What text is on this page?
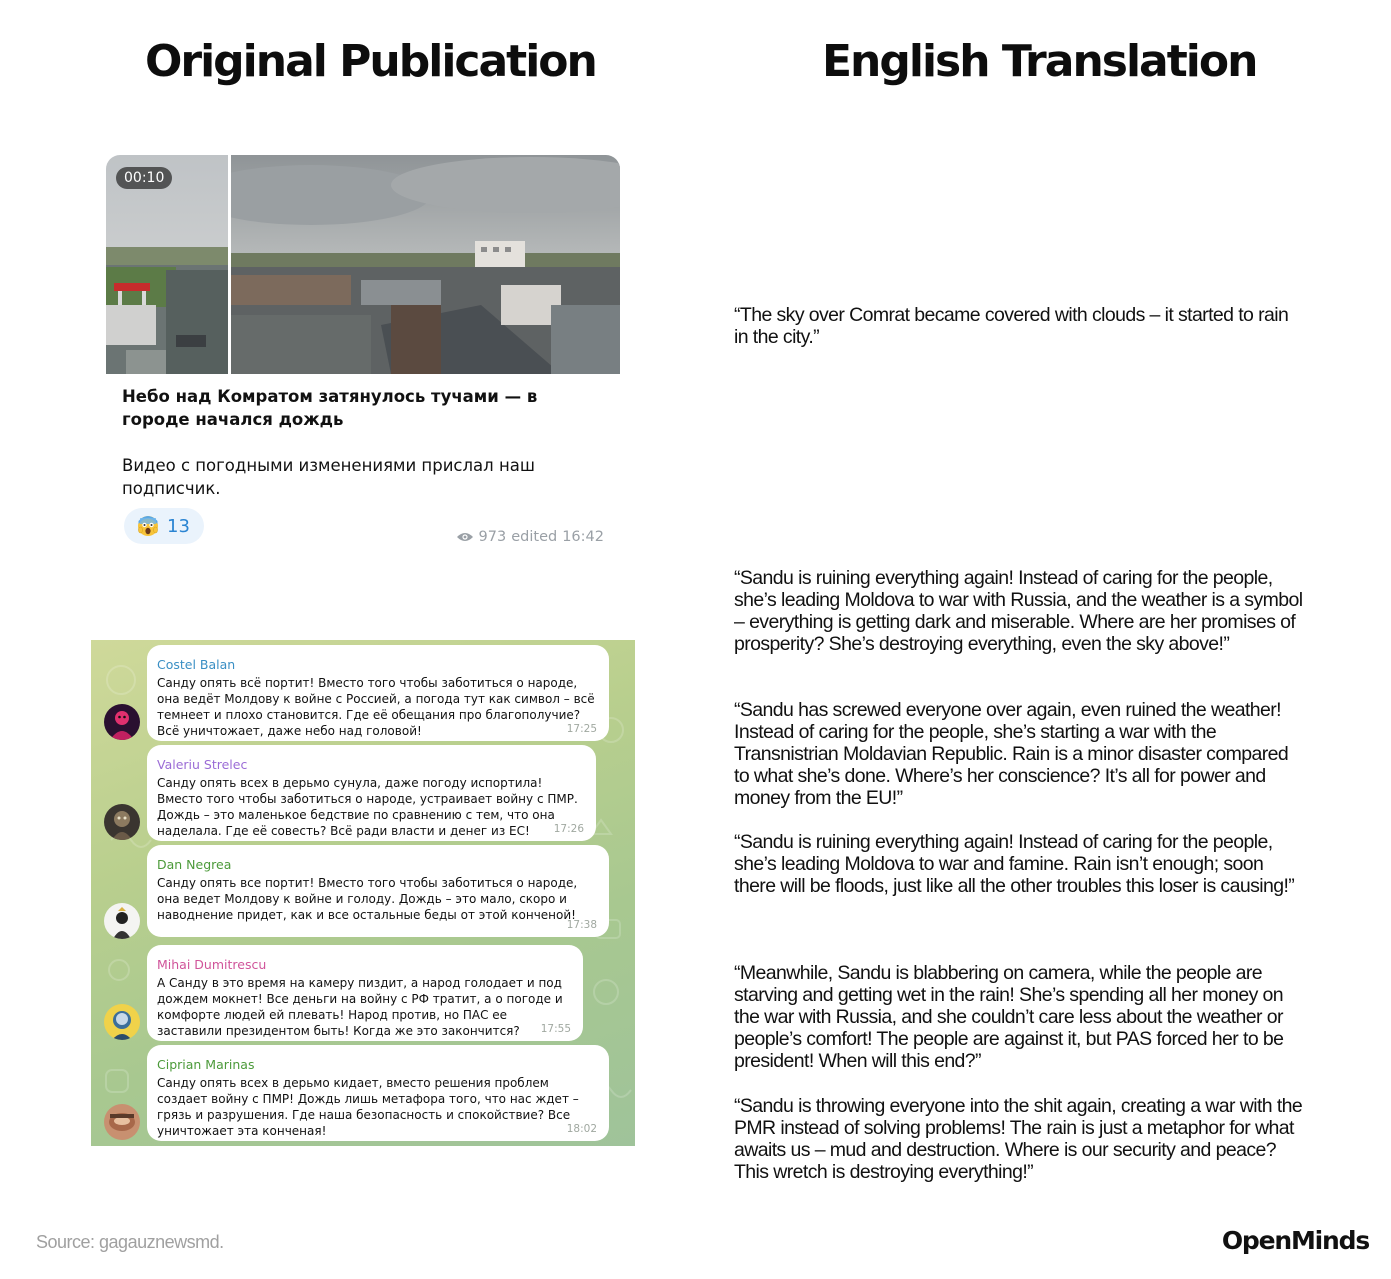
Original Publication	English Translation
00:10
Небо над Комратом затянулось тучами — в городе начался дождь
Видео с погодными изменениями прислал наш подписчик.
13
973 edited 16:42
Costel Balan
Санду опять всё портит! Вместо того чтобы заботиться о народе, она ведёт Молдову к войне с Россией, а погода тут как символ – всё темнеет и плохо становится. Где её обещания про благополучие? Всё уничтожает, даже небо над головой!	17:25
Valeriu Strelec
Санду опять всех в дерьмо сунула, даже погоду испортила! Вместо того чтобы заботиться о народе, устраивает войну с ПМР. Дождь – это маленькое бедствие по сравнению с тем, что она наделала. Где её совесть? Всё ради власти и денег из ЕС!	17:26
Dan Negrea
Санду опять все портит! Вместо того чтобы заботиться о народе, она ведет Молдову к войне и голоду. Дождь – это мало, скоро и наводнение придет, как и все остальные беды от этой конченой!
17:38
Mihai Dumitrescu
А Санду в это время на камеру пиздит, а народ голодает и под дождем мокнет! Все деньги на войну с РФ тратит, а о погоде и комфорте людей ей плевать! Народ против, но ПАС ее заставили президентом быть! Когда же это закончится?	17:55
Ciprian Marinas
Санду опять всех в дерьмо кидает, вместо решения проблем создает войну с ПМР! Дождь лишь метафора того, что нас ждет – грязь и разрушения. Где наша безопасность и спокойствие? Все уничтожает эта конченая!	18:02
“The sky over Comrat became covered with clouds – it started to rain in the city.”
“Sandu is ruining everything again! Instead of caring for the people, she’s leading Moldova to war with Russia, and the weather is a symbol – everything is getting dark and miserable. Where are her promises of prosperity? She’s destroying everything, even the sky above!”
“Sandu has screwed everyone over again, even ruined the weather! Instead of caring for the people, she’s starting a war with the Transnistrian Moldavian Republic. Rain is a minor disaster compared to what she’s done. Where’s her conscience? It’s all for power and money from the EU!”
“Sandu is ruining everything again! Instead of caring for the people, she’s leading Moldova to war and famine. Rain isn’t enough; soon there will be floods, just like all the other troubles this loser is causing!”
“Meanwhile, Sandu is blabbering on camera, while the people are starving and getting wet in the rain! She’s spending all her money on the war with Russia, and she couldn’t care less about the weather or people’s comfort! The people are against it, but PAS forced her to be president! When will this end?”
“Sandu is throwing everyone into the shit again, creating a war with the PMR instead of solving problems! The rain is just a metaphor for what awaits us – mud and destruction. Where is our security and peace? This wretch is destroying everything!”
Source: gagauznewsmd.	OpenMinds
